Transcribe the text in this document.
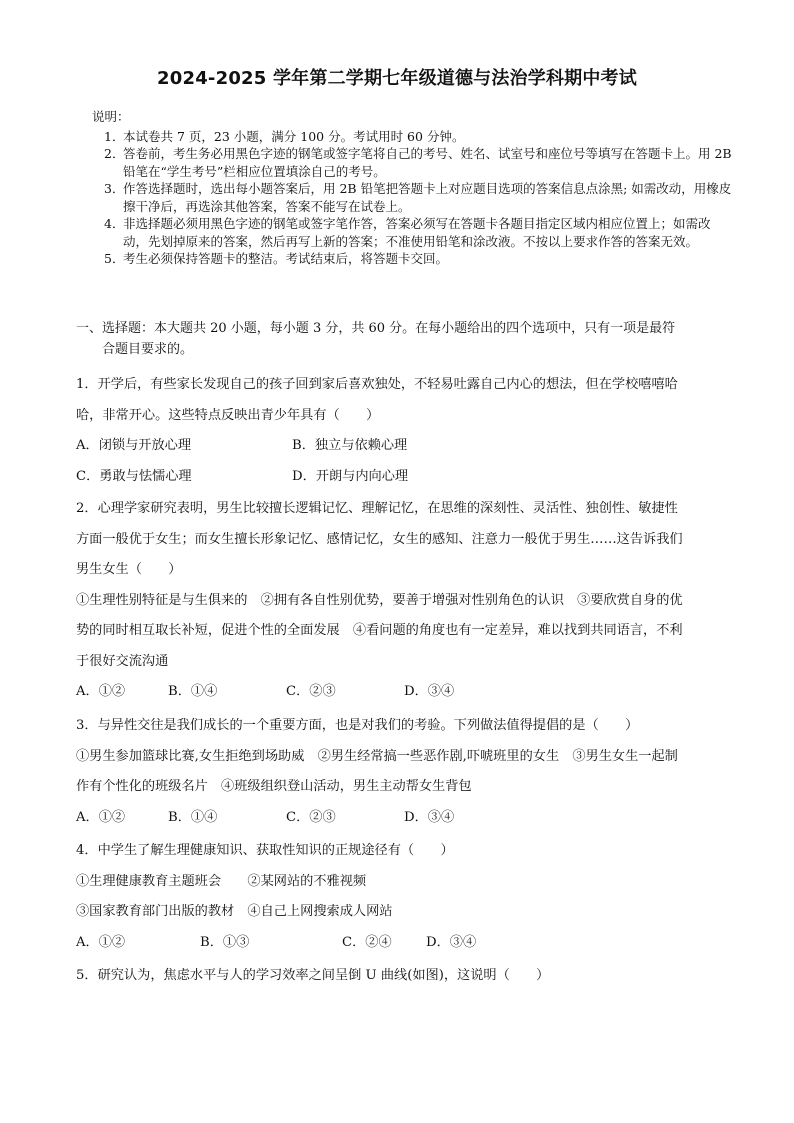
2024-2025 学年第二学期七年级道德与法治学科期中考试
说明：
1．
本试卷共 7 页，23 小题，满分 100 分。考试用时 60 分钟。
2．
答卷前，考生务必用黑色字迹的钢笔或签字笔将自己的考号、姓名、试室号和座位号等填写在答题卡上。用 2B 铅笔在“学生考号”栏相应位置填涂自己的考号。
3．
作答选择题时，选出每小题答案后，用 2B 铅笔把答题卡上对应题目选项的答案信息点涂黑; 如需改动，用橡皮擦干净后，再选涂其他答案，答案不能写在试卷上。
4．
非选择题必须用黑色字迹的钢笔或签字笔作答，答案必须写在答题卡各题目指定区域内相应位置上；如需改动，先划掉原来的答案，然后再写上新的答案；不准使用铅笔和涂改液。不按以上要求作答的答案无效。
5．
考生必须保持答题卡的整洁。考试结束后，将答题卡交回。
一、选择题：本大题共 20 小题，每小题 3 分，共 60 分。在每小题给出的四个选项中，只有一项是最符
合题目要求的。
1．开学后，有些家长发现自己的孩子回到家后喜欢独处，不轻易吐露自己内心的想法，但在学校嘻嘻哈
哈，非常开心。这些特点反映出青少年具有（　　）
A．闭锁与开放心理	B．独立与依赖心理
C．勇敢与怯懦心理	D．开朗与内向心理
2．心理学家研究表明，男生比较擅长逻辑记忆、理解记忆，在思维的深刻性、灵活性、独创性、敏捷性
方面一般优于女生；而女生擅长形象记忆、感情记忆，女生的感知、注意力一般优于男生……这告诉我们
男生女生（　　）
①生理性别特征是与生俱来的　②拥有各自性别优势，要善于增强对性别角色的认识　③要欣赏自身的优
势的同时相互取长补短，促进个性的全面发展　④看问题的角度也有一定差异，难以找到共同语言，不利
于很好交流沟通
A．①②	B．①④	C．②③	D．③④
3．与异性交往是我们成长的一个重要方面，也是对我们的考验。下列做法值得提倡的是（　　）
①男生参加篮球比赛,女生拒绝到场助威　②男生经常搞一些恶作剧,吓唬班里的女生　③男生女生一起制
作有个性化的班级名片　④班级组织登山活动，男生主动帮女生背包
A．①②	B．①④	C．②③	D．③④
4．中学生了解生理健康知识、获取性知识的正规途径有（　　）
①生理健康教育主题班会　　②某网站的不雅视频
③国家教育部门出版的教材　④自己上网搜索成人网站
A．①②	B．①③	C．②④	D．③④
5．研究认为，焦虑水平与人的学习效率之间呈倒 U 曲线(如图)，这说明（　　）
